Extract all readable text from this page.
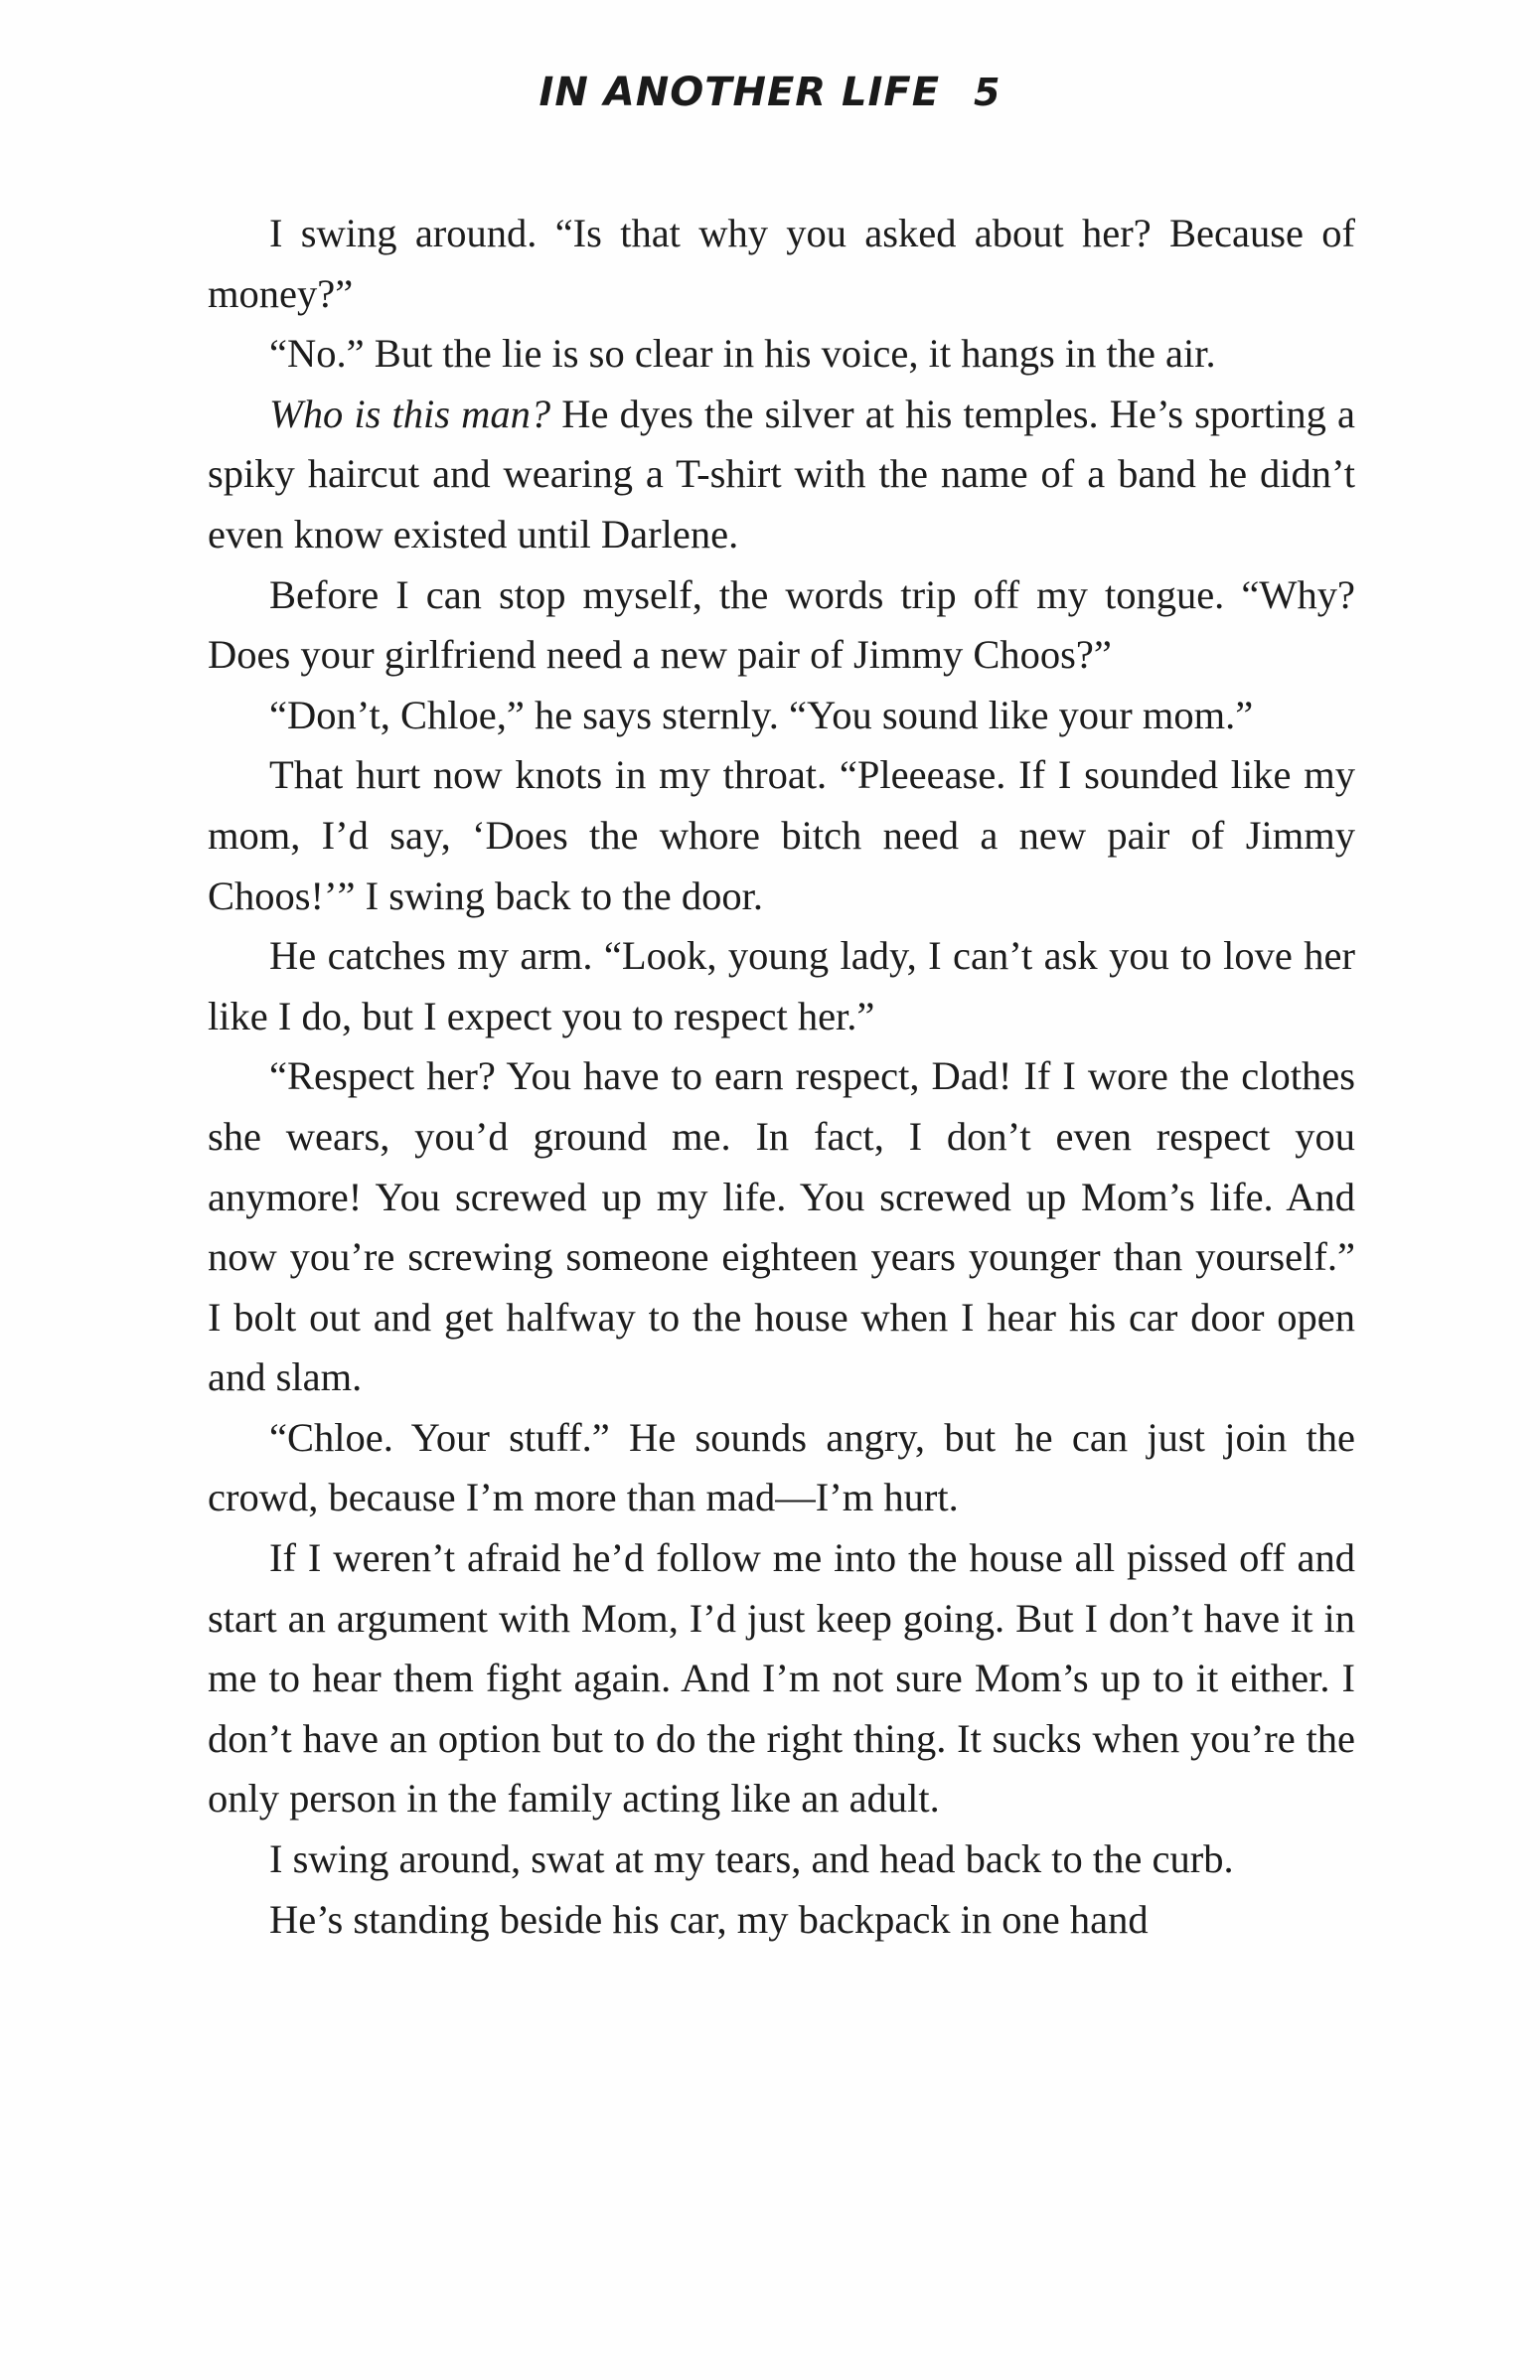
IN ANOTHER LIFE 5

I swing around. “Is that why you asked about her? Because of money?”

“No.” But the lie is so clear in his voice, it hangs in the air.

Who is this man? He dyes the silver at his temples. He’s sporting a spiky haircut and wearing a T-shirt with the name of a band he didn’t even know existed until Darlene.

Before I can stop myself, the words trip off my tongue. “Why? Does your girlfriend need a new pair of Jimmy Choos?”

“Don’t, Chloe,” he says sternly. “You sound like your mom.”

That hurt now knots in my throat. “Pleeease. If I sounded like my mom, I’d say, ‘Does the whore bitch need a new pair of Jimmy Choos!’” I swing back to the door.

He catches my arm. “Look, young lady, I can’t ask you to love her like I do, but I expect you to respect her.”

“Respect her? You have to earn respect, Dad! If I wore the clothes she wears, you’d ground me. In fact, I don’t even respect you anymore! You screwed up my life. You screwed up Mom’s life. And now you’re screwing someone eighteen years younger than yourself.” I bolt out and get halfway to the house when I hear his car door open and slam.

“Chloe. Your stuff.” He sounds angry, but he can just join the crowd, because I’m more than mad—I’m hurt.

If I weren’t afraid he’d follow me into the house all pissed off and start an argument with Mom, I’d just keep going. But I don’t have it in me to hear them fight again. And I’m not sure Mom’s up to it either. I don’t have an option but to do the right thing. It sucks when you’re the only person in the family acting like an adult.

I swing around, swat at my tears, and head back to the curb.

He’s standing beside his car, my backpack in one hand
